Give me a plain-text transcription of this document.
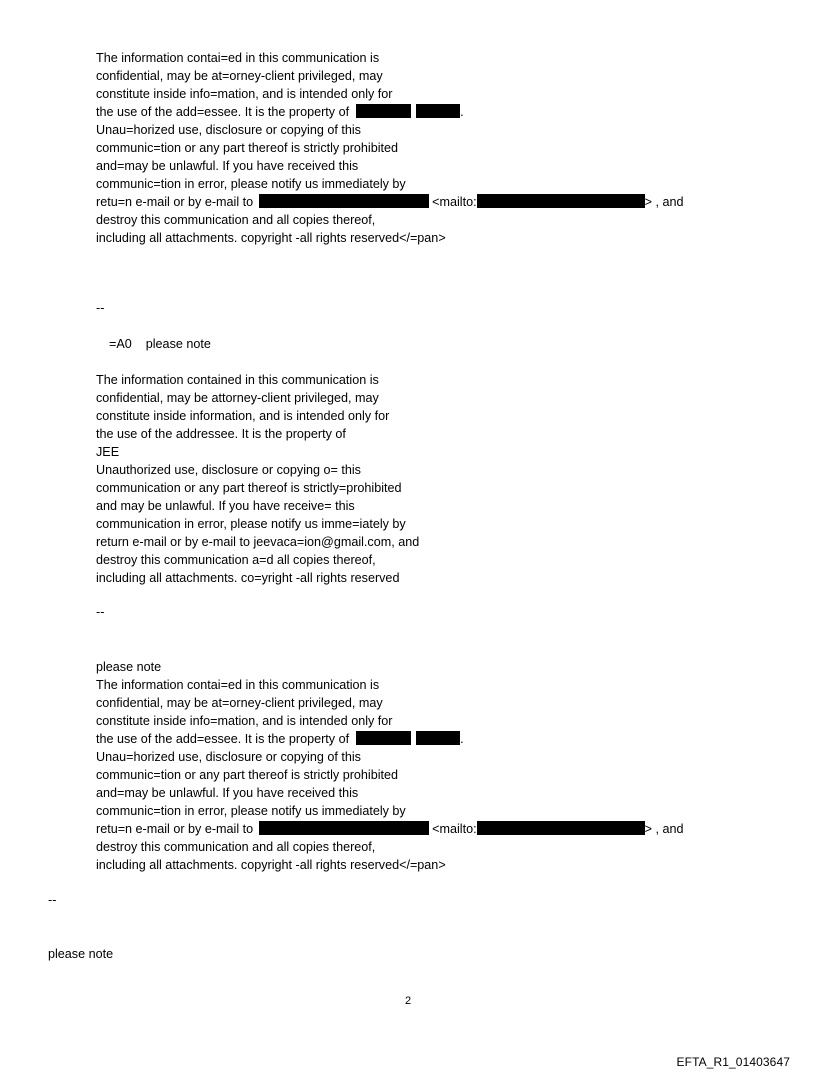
The information contai=ed in this communication is
confidential, may be at=orney-client privileged, may
constitute inside info=mation, and is intended only for
the use of the add=essee. It is the property of	.
Unau=horized use, disclosure or copying of this
communic=tion or any part thereof is strictly prohibited
and=may be unlawful. If you have received this
communic=tion in error, please notify us immediately by
retu=n e-mail or by e-mail to	<mailto:	> , and
destroy this communication and all copies thereof,
including all attachments. copyright -all rights reserved</=pan>
--
=A0    please note
The information contained in this communication is
confidential, may be attorney-client privileged, may
constitute inside information, and is intended only for
the use of the addressee. It is the property of
JEE
Unauthorized use, disclosure or copying o= this
communication or any part thereof is strictly=prohibited
and may be unlawful. If you have receive= this
communication in error, please notify us imme=iately by
return e-mail or by e-mail to jeevaca=ion@gmail.com, and
destroy this communication a=d all copies thereof,
including all attachments. co=yright -all rights reserved
--
please note
The information contai=ed in this communication is
confidential, may be at=orney-client privileged, may
constitute inside info=mation, and is intended only for
the use of the add=essee. It is the property of	.
Unau=horized use, disclosure or copying of this
communic=tion or any part thereof is strictly prohibited
and=may be unlawful. If you have received this
communic=tion in error, please notify us immediately by
retu=n e-mail or by e-mail to	<mailto:	> , and
destroy this communication and all copies thereof,
including all attachments. copyright -all rights reserved</=pan>
--
please note
2
EFTA_R1_01403647
